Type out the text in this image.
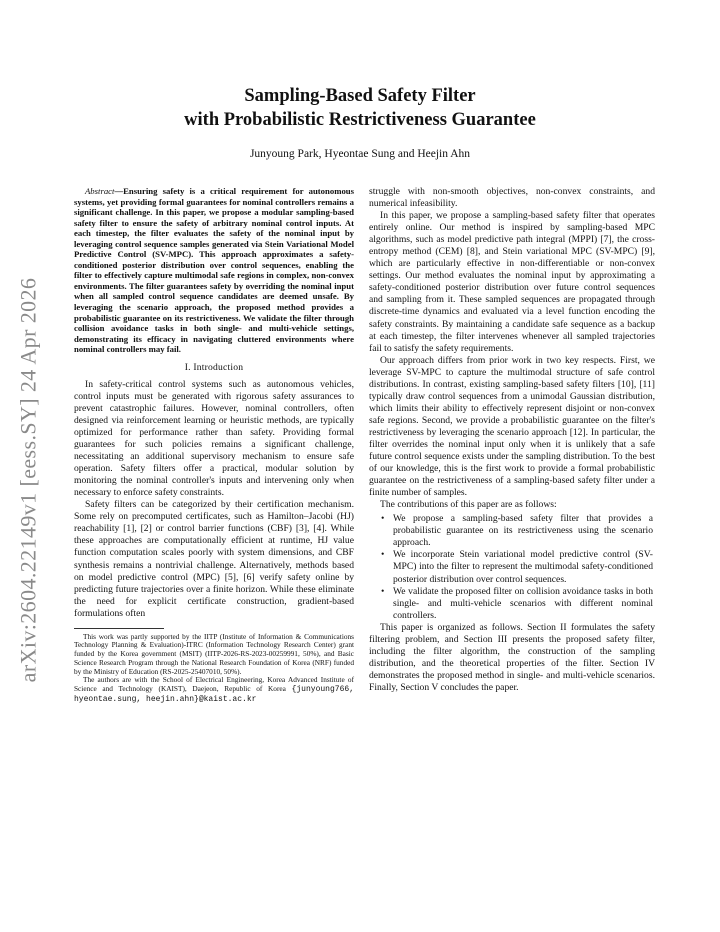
arXiv:2604.22149v1 [eess.SY] 24 Apr 2026
Sampling-Based Safety Filter
with Probabilistic Restrictiveness Guarantee
Junyoung Park, Hyeontae Sung and Heejin Ahn

Abstract—Ensuring safety is a critical requirement for autonomous systems, yet providing formal guarantees for nominal controllers remains a significant challenge. In this paper, we propose a modular sampling-based safety filter to ensure the safety of arbitrary nominal control inputs. At each timestep, the filter evaluates the safety of the nominal input by leveraging control sequence samples generated via Stein Variational Model Predictive Control (SV-MPC). This approach approximates a safety-conditioned posterior distribution over control sequences, enabling the filter to effectively capture multimodal safe regions in complex, non-convex environments. The filter guarantees safety by overriding the nominal input when all sampled control sequence candidates are deemed unsafe. By leveraging the scenario approach, the proposed method provides a probabilistic guarantee on its restrictiveness. We validate the filter through collision avoidance tasks in both single- and multi-vehicle settings, demonstrating its efficacy in navigating cluttered environments where nominal controllers may fail.

I. Introduction

In safety-critical control systems such as autonomous vehicles, control inputs must be generated with rigorous safety assurances to prevent catastrophic failures. However, nominal controllers, often designed via reinforcement learning or heuristic methods, are typically optimized for performance rather than safety. Providing formal guarantees for such policies remains a significant challenge, necessitating an additional supervisory mechanism to ensure safe operation. Safety filters offer a practical, modular solution by monitoring the nominal controller's inputs and intervening only when necessary to enforce safety constraints.

Safety filters can be categorized by their certification mechanism. Some rely on precomputed certificates, such as Hamilton–Jacobi (HJ) reachability [1], [2] or control barrier functions (CBF) [3], [4]. While these approaches are computationally efficient at runtime, HJ value function computation scales poorly with system dimensions, and CBF synthesis remains a nontrivial challenge. Alternatively, methods based on model predictive control (MPC) [5], [6] verify safety online by predicting future trajectories over a finite horizon. While these eliminate the need for explicit certificate construction, gradient-based formulations often

This work was partly supported by the IITP (Institute of Information & Communications Technology Planning & Evaluation)-ITRC (Information Technology Research Center) grant funded by the Korea government (MSIT) (IITP-2026-RS-2023-00259991, 50%), and Basic Science Research Program through the National Research Foundation of Korea (NRF) funded by the Ministry of Education (RS-2025-25407010, 50%).

The authors are with the School of Electrical Engineering, Korea Advanced Institute of Science and Technology (KAIST), Daejeon, Republic of Korea {junyoung766, hyeontae.sung, heejin.ahn}@kaist.ac.kr

struggle with non-smooth objectives, non-convex constraints, and numerical infeasibility.

In this paper, we propose a sampling-based safety filter that operates entirely online. Our method is inspired by sampling-based MPC algorithms, such as model predictive path integral (MPPI) [7], the cross-entropy method (CEM) [8], and Stein variational MPC (SV-MPC) [9], which are particularly effective in non-differentiable or non-convex settings. Our method evaluates the nominal input by approximating a safety-conditioned posterior distribution over future control sequences and sampling from it. These sampled sequences are propagated through discrete-time dynamics and evaluated via a level function encoding the safety constraints. By maintaining a candidate safe sequence as a backup at each timestep, the filter intervenes whenever all sampled trajectories fail to satisfy the safety requirements.

Our approach differs from prior work in two key respects. First, we leverage SV-MPC to capture the multimodal structure of safe control distributions. In contrast, existing sampling-based safety filters [10], [11] typically draw control sequences from a unimodal Gaussian distribution, which limits their ability to effectively represent disjoint or non-convex safe regions. Second, we provide a probabilistic guarantee on the filter's restrictiveness by leveraging the scenario approach [12]. In particular, the filter overrides the nominal input only when it is unlikely that a safe future control sequence exists under the sampling distribution. To the best of our knowledge, this is the first work to provide a formal probabilistic guarantee on the restrictiveness of a sampling-based safety filter under a finite number of samples.

The contributions of this paper are as follows:

• We propose a sampling-based safety filter that provides a probabilistic guarantee on its restrictiveness using the scenario approach.
• We incorporate Stein variational model predictive control (SV-MPC) into the filter to represent the multimodal safety-conditioned posterior distribution over control sequences.
• We validate the proposed filter on collision avoidance tasks in both single- and multi-vehicle scenarios with different nominal controllers.

This paper is organized as follows. Section II formulates the safety filtering problem, and Section III presents the proposed safety filter, including the filter algorithm, the construction of the sampling distribution, and the theoretical properties of the filter. Section IV demonstrates the proposed method in single- and multi-vehicle scenarios. Finally, Section V concludes the paper.
